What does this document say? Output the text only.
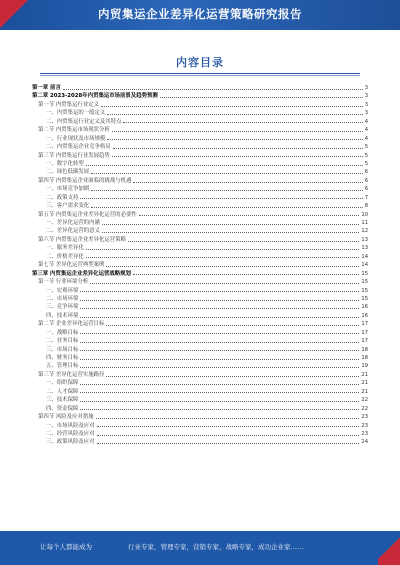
内贸集运企业差异化运营策略研究报告
内容目录
第一章 前言	3
第二章 2023-2028年内贸集运市场前景及趋势预测	3
第一节 内贸集运行业定义	3
一、内贸集运的一般定义	3
二、内贸集运行业定义及其特点	4
第二节 内贸集运市场现状分析	4
一、行业现状及市场规模	4
二、内贸集运企业竞争格局	5
第三节 内贸集运行业发展趋势	5
一、数字化转型	5
二、绿色低碳发展	6
第四节 内贸集运企业面临的挑战与机遇	6
一、市场竞争加剧	6
二、政策支持	7
三、客户需求变化	8
第五节 内贸集运企业差异化运营的必要性	10
一、差异化运营的内涵	11
二、差异化运营的意义	12
第六节 内贸集运企业差异化运营策略	13
一、服务差异化	13
二、价格差异化	14
第七节 差异化运营典型案例	14
第三章 内贸集运企业差异化运营战略规划	15
第一节 行业环境分析	15
一、宏观环境	15
二、市场环境	15
三、竞争环境	16
四、技术环境	16
第二节 企业差异化运营目标	17
一、战略目标	17
二、业务目标	17
三、市场目标	18
四、财务目标	18
五、管理目标	19
第三节 差异化运营实施路径	21
一、组织保障	21
二、人才保障	21
三、技术保障	22
四、资金保障	22
第四节 风险及应对措施	23
一、市场风险及应对	23
二、经营风险及应对	23
三、政策风险及应对	24
让每个人都能成为	行业专家，管理专家，营销专家，战略专家，成功企业家……
